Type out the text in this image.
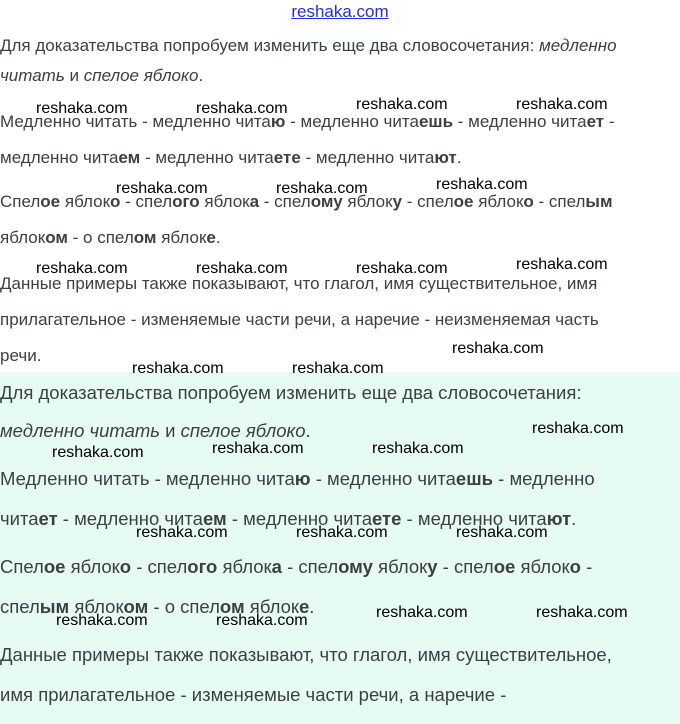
reshaka.com

Для доказательства попробуем изменить еще два словосочетания: медленно

читать и спелое яблоко.

Медленно читать - медленно читаю - медленно читаешь - медленно читает -

медленно читаем - медленно читаете - медленно читают.

Спелое яблоко - спелого яблока - спелому яблоку - спелое яблоко - спелым

яблоком - о спелом яблоке.

Данные примеры также показывают, что глагол, имя существительное, имя

прилагательное - изменяемые части речи, а наречие - неизменяемая часть

речи.

Для доказательства попробуем изменить еще два словосочетания:

медленно читать и спелое яблоко.

Медленно читать - медленно читаю - медленно читаешь - медленно

читает - медленно читаем - медленно читаете - медленно читают.

Спелое яблоко - спелого яблока - спелому яблоку - спелое яблоко -

спелым яблоком - о спелом яблоке.

Данные примеры также показывают, что глагол, имя существительное,

имя прилагательное - изменяемые части речи, а наречие -

reshaka.com	reshaka.com	reshaka.com	reshaka.com
reshaka.com	reshaka.com	reshaka.com
reshaka.com	reshaka.com	reshaka.com	reshaka.com
reshaka.com	reshaka.com
reshaka.com
reshaka.com
reshaka.com	reshaka.com	reshaka.com
reshaka.com	reshaka.com	reshaka.com
reshaka.com	reshaka.com
reshaka.com	reshaka.com
